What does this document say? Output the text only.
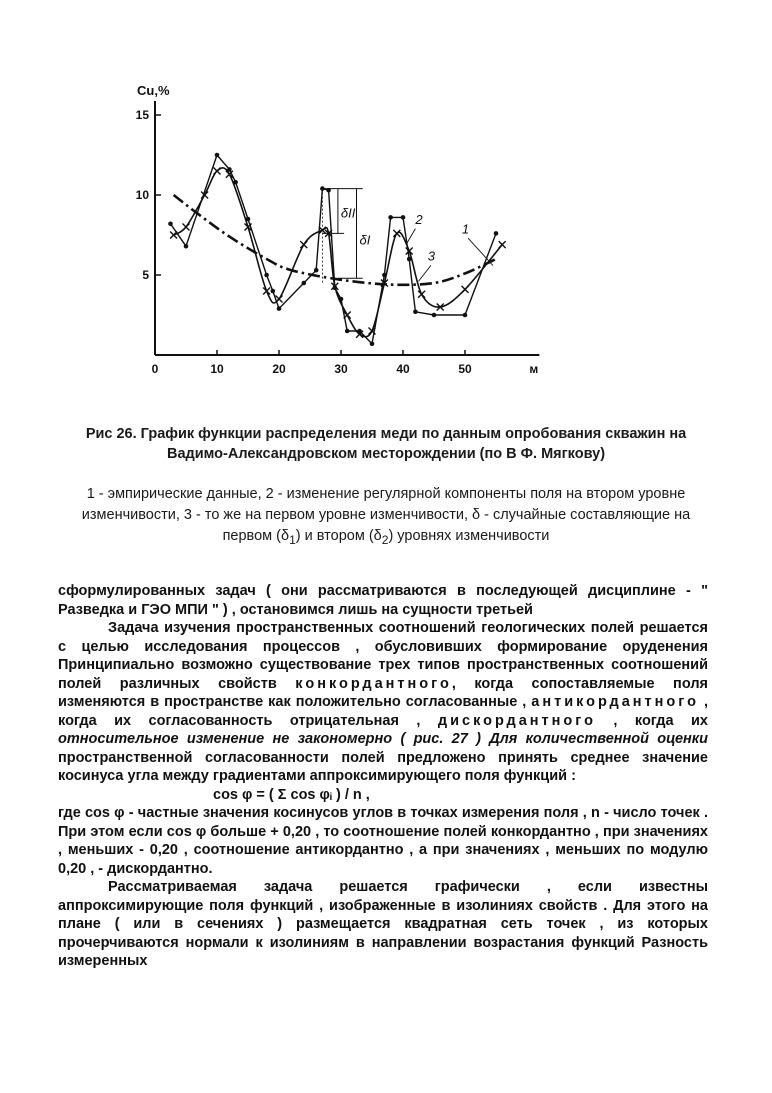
Cu,%
м
5
10
15
0	10	20	30	40	50
δII
δI
1
2
3
Рис 26. График функции распределения меди по данным опробования скважин на Вадимо-Александровском месторождении (по В Ф. Мягкову)
1 - эмпирические данные, 2 - изменение регулярной компоненты поля на втором уровне изменчивости, 3 - то же на первом уровне изменчивости, δ - случайные составляющие на первом $(\delta_1)$ и втором $(\delta_2)$ уровнях изменчивости

сформулированных задач ( они рассматриваются в последующей дисциплине - " Разведка и ГЭО МПИ " ) , остановимся лишь на сущности третьей

Задача изучения пространственных соотношений геологических полей решается с целью исследования процессов , обусловивших формирование оруденения Принципиально возможно существование трех типов пространственных соотношений полей различных свойств конкордантного, когда сопоставляемые поля изменяются в пространстве как положительно согласованные , антикордантного , когда их согласованность отрицательная , дискордантного , когда их относительное изменение не закономерно ( рис. 27 ) Для количественной оценки пространственной согласованности полей предложено принять среднее значение косинуса угла между градиентами аппроксимирующего поля функций :

cos φ = ( Σ cos φᵢ ) / n ,

где cos φ - частные значения косинусов углов в точках измерения поля , n - число точек . При этом если cos φ больше + 0,20 , то соотношение полей конкордантно , при значениях , меньших - 0,20 , соотношение антикордантно , а при значениях , меньших по модулю 0,20 , - дискордантно.

Рассматриваемая задача решается графически , если известны аппроксимирующие поля функций , изображенные в изолиниях свойств . Для этого на плане ( или в сечениях ) размещается квадратная сеть точек , из которых прочерчиваются нормали к изолиниям в направлении возрастания функций Разность измеренных
